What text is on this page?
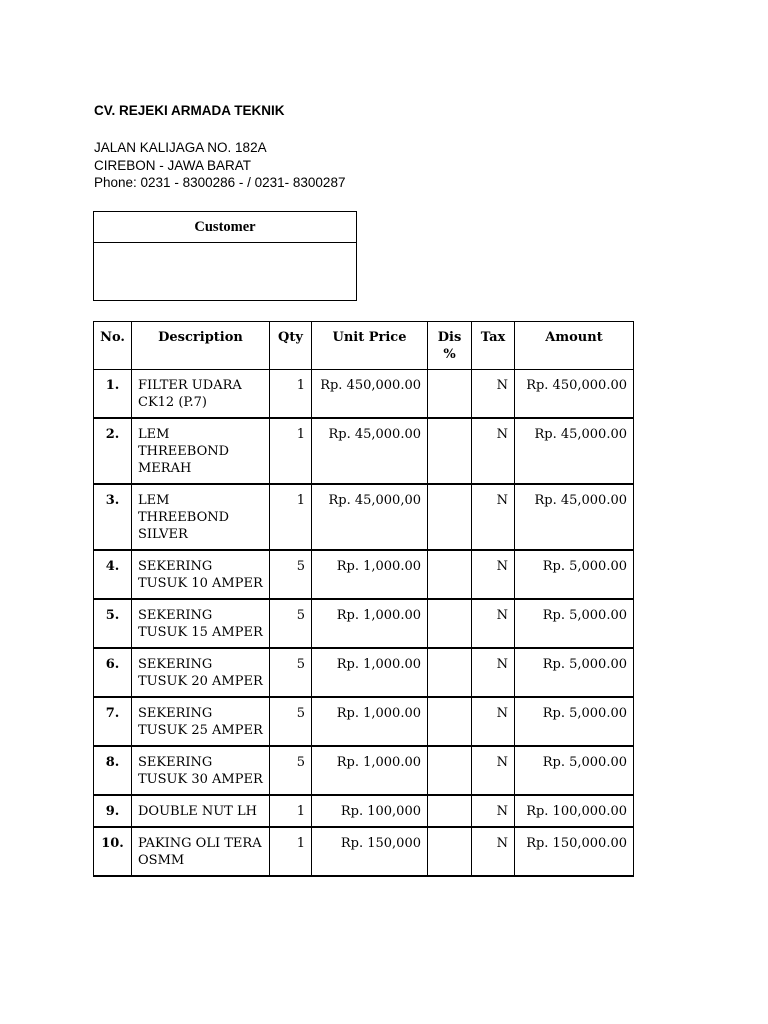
CV. REJEKI ARMADA TEKNIK
JALAN KALIJAGA NO. 182A
CIREBON - JAWA BARAT
Phone: 0231 - 8300286 - / 0231- 8300287
Customer
No.	Description	Qty	Unit Price	Dis %	Tax	Amount
1.	FILTER UDARA CK12 (P.7)	1	Rp. 450,000.00		N	Rp. 450,000.00
2.	LEM THREEBOND MERAH	1	Rp. 45,000.00		N	Rp. 45,000.00
3.	LEM THREEBOND SILVER	1	Rp. 45,000,00		N	Rp. 45,000.00
4.	SEKERING TUSUK 10 AMPER	5	Rp. 1,000.00		N	Rp. 5,000.00
5.	SEKERING TUSUK 15 AMPER	5	Rp. 1,000.00		N	Rp. 5,000.00
6.	SEKERING TUSUK 20 AMPER	5	Rp. 1,000.00		N	Rp. 5,000.00
7.	SEKERING TUSUK 25 AMPER	5	Rp. 1,000.00		N	Rp. 5,000.00
8.	SEKERING TUSUK 30 AMPER	5	Rp. 1,000.00		N	Rp. 5,000.00
9.	DOUBLE NUT LH	1	Rp. 100,000		N	Rp. 100,000.00
10.	PAKING OLI TERA OSMM	1	Rp. 150,000		N	Rp. 150,000.00
